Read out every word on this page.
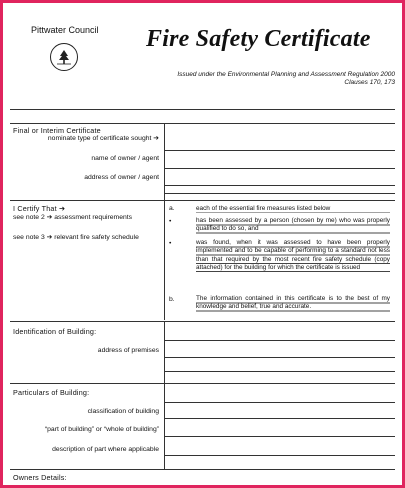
Pittwater Council Fire Safety Certificate
Issued under the Environmental Planning and Assessment Regulation 2000
Clauses 170, 173
Final or Interim Certificate
nominate type of certificate sought ➔
name of owner / agent
address of owner / agent
I Certify That ➔
see note 2 ➔ assessment requirements
see note 3 ➔ relevant fire safety schedule
a.	each of the essential fire measures listed below
•	has been assessed by a person (chosen by me) who was properly qualified to do so, and
•	was found, when it was assessed to have been properly implemented and to be capable of performing to a standard not less than that required by the most recent fire safety schedule (copy attached) for the building for which the certificate is issued
b.	The information contained in this certificate is to the best of my knowledge and belief, true and accurate.
Identification of Building:
address of premises
Particulars of Building:
classification of building
“part of building” or “whole of building”
description of part where applicable
Owners Details:
